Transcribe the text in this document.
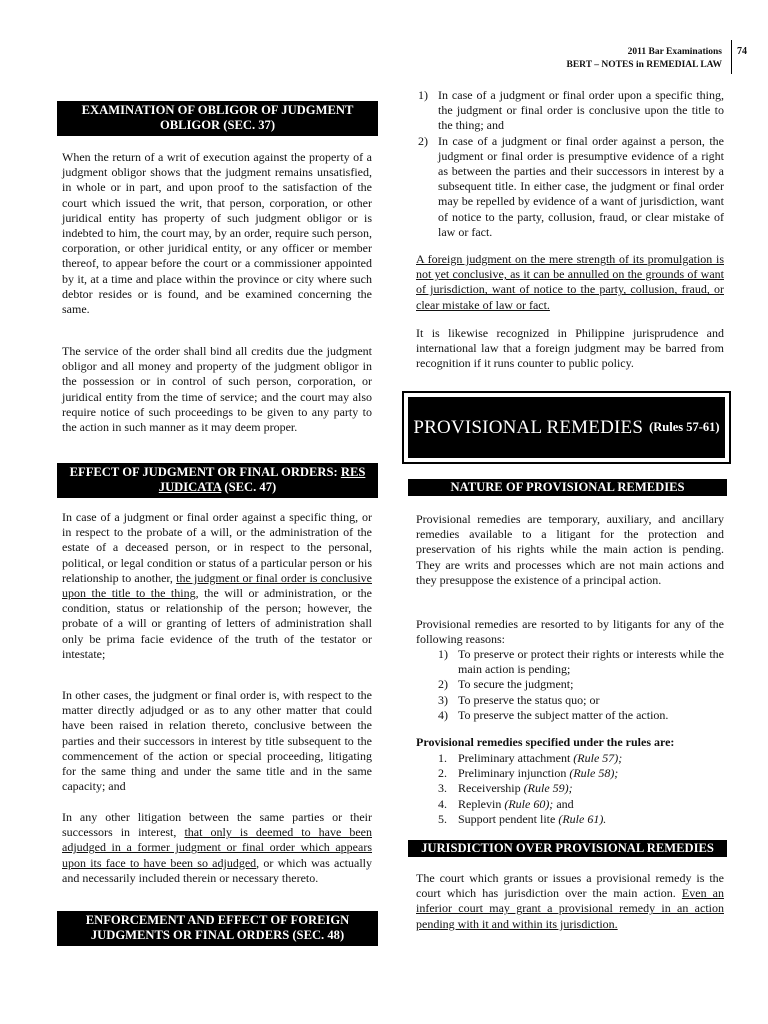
2011 Bar Examinations
BERT – NOTES in REMEDIAL LAW
74
EXAMINATION OF OBLIGOR OF JUDGMENT
OBLIGOR (SEC. 37)
When the return of a writ of execution against the property of a judgment obligor shows that the judgment remains unsatisfied, in whole or in part, and upon proof to the satisfaction of the court which issued the writ, that person, corporation, or other juridical entity has property of such judgment obligor or is indebted to him, the court may, by an order, require such person, corporation, or other juridical entity, or any officer or member thereof, to appear before the court or a commissioner appointed by it, at a time and place within the province or city where such debtor resides or is found, and be examined concerning the same.
The service of the order shall bind all credits due the judgment obligor and all money and property of the judgment obligor in the possession or in control of such person, corporation, or juridical entity from the time of service; and the court may also require notice of such proceedings to be given to any party to the action in such manner as it may deem proper.
EFFECT OF JUDGMENT OR FINAL ORDERS: RES
JUDICATA (SEC. 47)
In case of a judgment or final order against a specific thing, or in respect to the probate of a will, or the administration of the estate of a deceased person, or in respect to the personal, political, or legal condition or status of a particular person or his relationship to another, the judgment or final order is conclusive upon the title to the thing, the will or administration, or the condition, status or relationship of the person; however, the probate of a will or granting of letters of administration shall only be prima facie evidence of the truth of the testator or intestate;
In other cases, the judgment or final order is, with respect to the matter directly adjudged or as to any other matter that could have been raised in relation thereto, conclusive between the parties and their successors in interest by title subsequent to the commencement of the action or special proceeding, litigating for the same thing and under the same title and in the same capacity; and
In any other litigation between the same parties or their successors in interest, that only is deemed to have been adjudged in a former judgment or final order which appears upon its face to have been so adjudged, or which was actually and necessarily included therein or necessary thereto.
ENFORCEMENT AND EFFECT OF FOREIGN
JUDGMENTS OR FINAL ORDERS (SEC. 48)
1) In case of a judgment or final order upon a specific thing, the judgment or final order is conclusive upon the title to the thing; and
2) In case of a judgment or final order against a person, the judgment or final order is presumptive evidence of a right as between the parties and their successors in interest by a subsequent title. In either case, the judgment or final order may be repelled by evidence of a want of jurisdiction, want of notice to the party, collusion, fraud, or clear mistake of law or fact.
A foreign judgment on the mere strength of its promulgation is not yet conclusive, as it can be annulled on the grounds of want of jurisdiction, want of notice to the party, collusion, fraud, or clear mistake of law or fact.
It is likewise recognized in Philippine jurisprudence and international law that a foreign judgment may be barred from recognition if it runs counter to public policy.
PROVISIONAL REMEDIES (Rules 57-61)
NATURE OF PROVISIONAL REMEDIES
Provisional remedies are temporary, auxiliary, and ancillary remedies available to a litigant for the protection and preservation of his rights while the main action is pending. They are writs and processes which are not main actions and they presuppose the existence of a principal action.
Provisional remedies are resorted to by litigants for any of the following reasons:
1) To preserve or protect their rights or interests while the main action is pending;
2) To secure the judgment;
3) To preserve the status quo; or
4) To preserve the subject matter of the action.
Provisional remedies specified under the rules are:
1. Preliminary attachment (Rule 57);
2. Preliminary injunction (Rule 58);
3. Receivership (Rule 59);
4. Replevin (Rule 60); and
5. Support pendent lite (Rule 61).
JURISDICTION OVER PROVISIONAL REMEDIES
The court which grants or issues a provisional remedy is the court which has jurisdiction over the main action. Even an inferior court may grant a provisional remedy in an action pending with it and within its jurisdiction.
